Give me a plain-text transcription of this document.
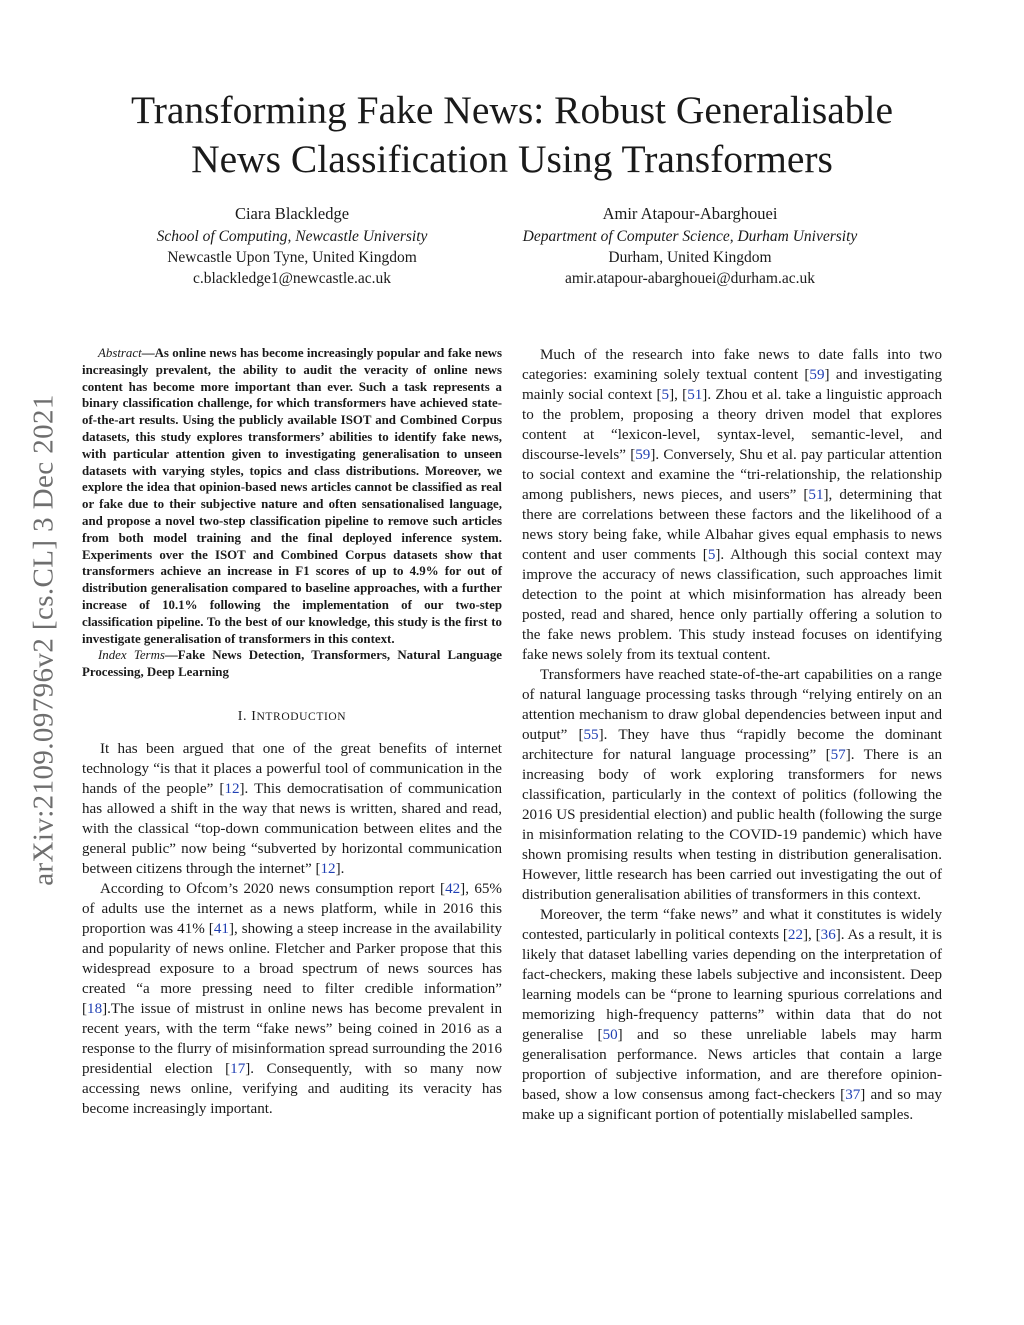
arXiv:2109.09796v2 [cs.CL] 3 Dec 2021
Transforming Fake News: Robust Generalisable
News Classification Using Transformers
Ciara Blackledge
School of Computing, Newcastle University
Newcastle Upon Tyne, United Kingdom
c.blackledge1@newcastle.ac.uk
Amir Atapour-Abarghouei
Department of Computer Science, Durham University
Durham, United Kingdom
amir.atapour-abarghouei@durham.ac.uk

Abstract—As online news has become increasingly popular and fake news increasingly prevalent, the ability to audit the veracity of online news content has become more important than ever. Such a task represents a binary classification challenge, for which transformers have achieved state-of-the-art results. Using the publicly available ISOT and Combined Corpus datasets, this study explores transformers’ abilities to identify fake news, with particular attention given to investigating generalisation to unseen datasets with varying styles, topics and class distributions. Moreover, we explore the idea that opinion-based news articles cannot be classified as real or fake due to their subjective nature and often sensationalised language, and propose a novel two-step classification pipeline to remove such articles from both model training and the final deployed inference system. Experiments over the ISOT and Combined Corpus datasets show that transformers achieve an increase in F1 scores of up to 4.9% for out of distribution generalisation compared to baseline approaches, with a further increase of 10.1% following the implementation of our two-step classification pipeline. To the best of our knowledge, this study is the first to investigate generalisation of transformers in this context.

Index Terms—Fake News Detection, Transformers, Natural Language Processing, Deep Learning

I. INTRODUCTION

It has been argued that one of the great benefits of internet technology “is that it places a powerful tool of communication in the hands of the people” [12]. This democratisation of communication has allowed a shift in the way that news is written, shared and read, with the classical “top-down communication between elites and the general public” now being “subverted by horizontal communication between citizens through the internet” [12].

According to Ofcom’s 2020 news consumption report [42], 65% of adults use the internet as a news platform, while in 2016 this proportion was 41% [41], showing a steep increase in the availability and popularity of news online. Fletcher and Parker propose that this widespread exposure to a broad spectrum of news sources has created “a more pressing need to filter credible information” [18].The issue of mistrust in online news has become prevalent in recent years, with the term “fake news” being coined in 2016 as a response to the flurry of misinformation spread surrounding the 2016 presidential election [17]. Consequently, with so many now accessing news online, verifying and auditing its veracity has become increasingly important.

Much of the research into fake news to date falls into two categories: examining solely textual content [59] and investigating mainly social context [5], [51]. Zhou et al. take a linguistic approach to the problem, proposing a theory driven model that explores content at “lexicon-level, syntax-level, semantic-level, and discourse-levels” [59]. Conversely, Shu et al. pay particular attention to social context and examine the “tri-relationship, the relationship among publishers, news pieces, and users” [51], determining that there are correlations between these factors and the likelihood of a news story being fake, while Albahar gives equal emphasis to news content and user comments [5]. Although this social context may improve the accuracy of news classification, such approaches limit detection to the point at which misinformation has already been posted, read and shared, hence only partially offering a solution to the fake news problem. This study instead focuses on identifying fake news solely from its textual content.

Transformers have reached state-of-the-art capabilities on a range of natural language processing tasks through “relying entirely on an attention mechanism to draw global dependencies between input and output” [55]. They have thus “rapidly become the dominant architecture for natural language processing” [57]. There is an increasing body of work exploring transformers for news classification, particularly in the context of politics (following the 2016 US presidential election) and public health (following the surge in misinformation relating to the COVID-19 pandemic) which have shown promising results when testing in distribution generalisation. However, little research has been carried out investigating the out of distribution generalisation abilities of transformers in this context.

Moreover, the term “fake news” and what it constitutes is widely contested, particularly in political contexts [22], [36]. As a result, it is likely that dataset labelling varies depending on the interpretation of fact-checkers, making these labels subjective and inconsistent. Deep learning models can be “prone to learning spurious correlations and memorizing high-frequency patterns” within data that do not generalise [50] and so these unreliable labels may harm generalisation performance. News articles that contain a large proportion of subjective information, and are therefore opinion-based, show a low consensus among fact-checkers [37] and so may make up a significant portion of potentially mislabelled samples.
